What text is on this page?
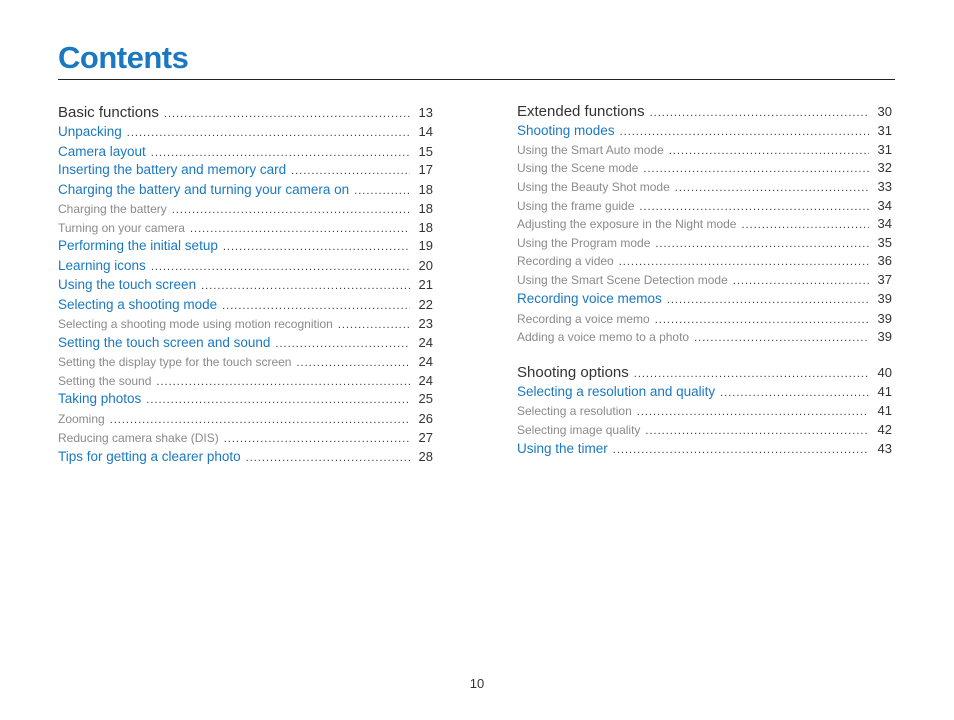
Contents
Basic functions .....	13
Unpacking .....	14
Camera layout .....	15
Inserting the battery and memory card .....	17
Charging the battery and turning your camera on .....	18
Charging the battery .....	18
Turning on your camera .....	18
Performing the initial setup .....	19
Learning icons .....	20
Using the touch screen .....	21
Selecting a shooting mode .....	22
Selecting a shooting mode using motion recognition .....	23
Setting the touch screen and sound .....	24
Setting the display type for the touch screen .....	24
Setting the sound .....	24
Taking photos .....	25
Zooming .....	26
Reducing camera shake (DIS) .....	27
Tips for getting a clearer photo .....	28
Extended functions .....	30
Shooting modes .....	31
Using the Smart Auto mode .....	31
Using the Scene mode .....	32
Using the Beauty Shot mode .....	33
Using the frame guide .....	34
Adjusting the exposure in the Night mode .....	34
Using the Program mode .....	35
Recording a video .....	36
Using the Smart Scene Detection mode .....	37
Recording voice memos .....	39
Recording a voice memo .....	39
Adding a voice memo to a photo .....	39
Shooting options .....	40
Selecting a resolution and quality .....	41
Selecting a resolution .....	41
Selecting image quality .....	42
Using the timer .....	43
10
